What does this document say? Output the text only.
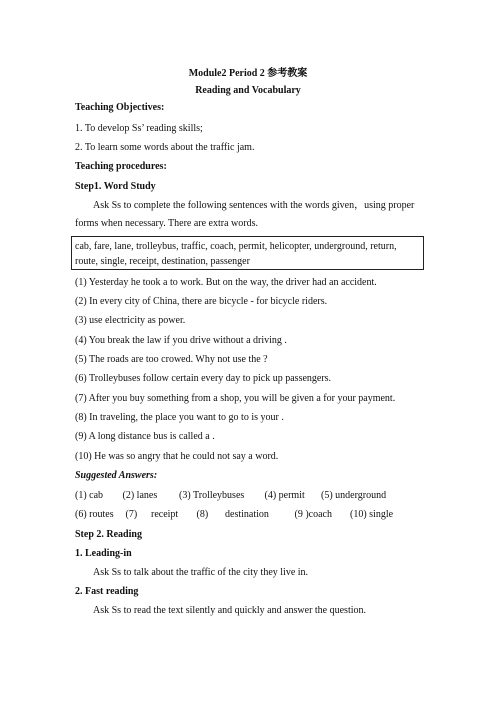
Module2 Period 2 参考教案
Reading and Vocabulary
Teaching Objectives:
1. To develop Ss’ reading skills;
2. To learn some words about the traffic jam.
Teaching procedures:
Step1. Word Study
Ask Ss to complete the following sentences with the words given，using proper
forms when necessary. There are extra words.
cab, fare, lane, trolleybus, traffic, coach, permit, helicopter, underground, return,
route, single, receipt, destination, passenger
(1) Yesterday he took a to work. But on the way, the driver had an accident.
(2) In every city of China, there are bicycle - for bicycle riders.
(3) use electricity as power.
(4) You break the law if you drive without a driving .
(5) The roads are too crowed. Why not use the ?
(6) Trolleybuses follow certain every day to pick up passengers.
(7) After you buy something from a shop, you will be given a for your payment.
(8) In traveling, the place you want to go to is your .
(9) A long distance bus is called a .
(10) He was so angry that he could not say a word.
Suggested Answers:
(1) cab (2) lanes (3) Trolleybuses (4) permit (5) underground
(6) routes (7) receipt (8) destination	(9 )coach (10) single
Step 2. Reading
1. Leading-in
Ask Ss to talk about the traffic of the city they live in.
2. Fast reading
Ask Ss to read the text silently and quickly and answer the question.
